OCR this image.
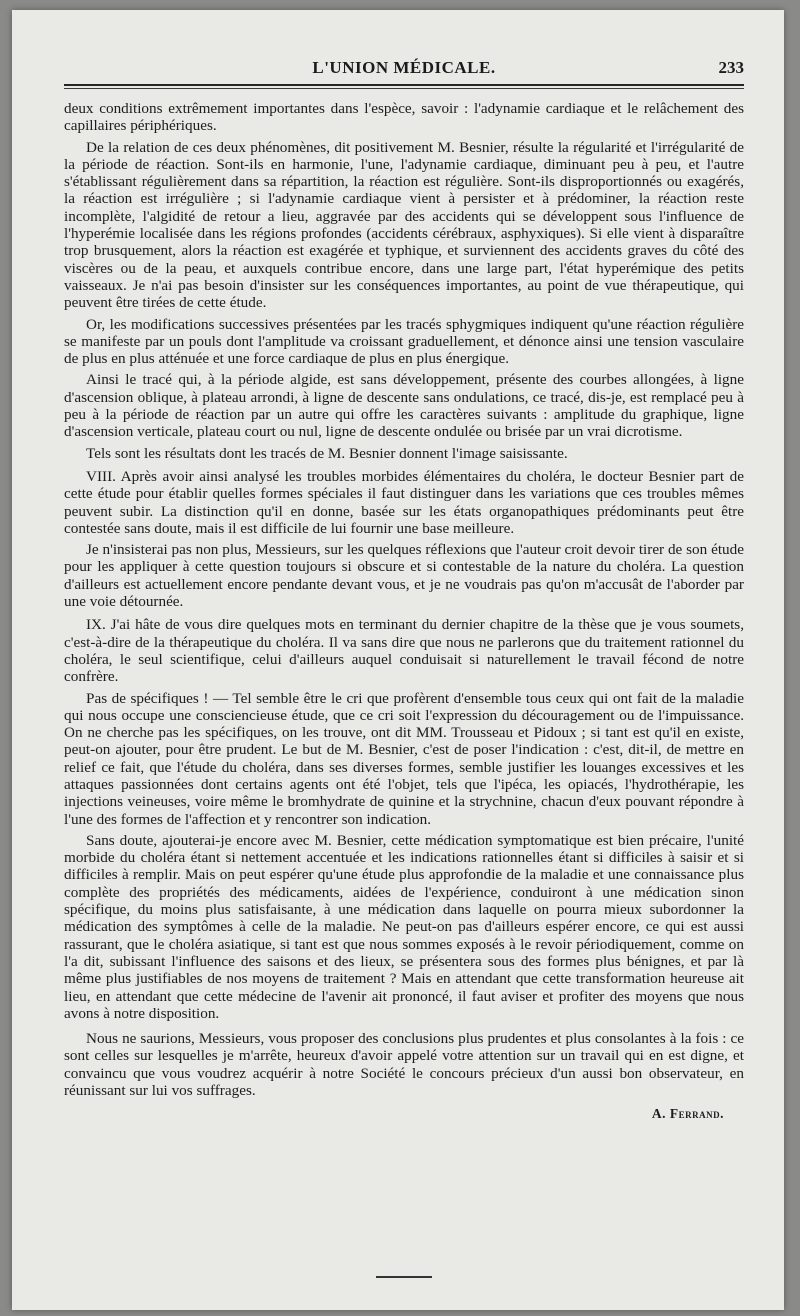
L'UNION MÉDICALE.	233

deux conditions extrêmement importantes dans l'espèce, savoir : l'adynamie cardiaque et le relâchement des capillaires périphériques.

De la relation de ces deux phénomènes, dit positivement M. Besnier, résulte la régularité et l'irrégularité de la période de réaction. Sont-ils en harmonie, l'une, l'adynamie cardiaque, diminuant peu à peu, et l'autre s'établissant régulièrement dans sa répartition, la réaction est régulière. Sont-ils disproportionnés ou exagérés, la réaction est irrégulière ; si l'adynamie cardiaque vient à persister et à prédominer, la réaction reste incomplète, l'algidité de retour a lieu, aggravée par des accidents qui se développent sous l'influence de l'hyperémie localisée dans les régions profondes (accidents cérébraux, asphyxiques). Si elle vient à disparaître trop brusquement, alors la réaction est exagérée et typhique, et surviennent des accidents graves du côté des viscères ou de la peau, et auxquels contribue encore, dans une large part, l'état hyperémique des petits vaisseaux. Je n'ai pas besoin d'insister sur les conséquences importantes, au point de vue thérapeutique, qui peuvent être tirées de cette étude.

Or, les modifications successives présentées par les tracés sphygmiques indiquent qu'une réaction régulière se manifeste par un pouls dont l'amplitude va croissant graduellement, et dénonce ainsi une tension vasculaire de plus en plus atténuée et une force cardiaque de plus en plus énergique.

Ainsi le tracé qui, à la période algide, est sans développement, présente des courbes allongées, à ligne d'ascension oblique, à plateau arrondi, à ligne de descente sans ondulations, ce tracé, dis-je, est remplacé peu à peu à la période de réaction par un autre qui offre les caractères suivants : amplitude du graphique, ligne d'ascension verticale, plateau court ou nul, ligne de descente ondulée ou brisée par un vrai dicrotisme.

Tels sont les résultats dont les tracés de M. Besnier donnent l'image saisissante.

VIII. Après avoir ainsi analysé les troubles morbides élémentaires du choléra, le docteur Besnier part de cette étude pour établir quelles formes spéciales il faut distinguer dans les variations que ces troubles mêmes peuvent subir. La distinction qu'il en donne, basée sur les états organopathiques prédominants peut être contestée sans doute, mais il est difficile de lui fournir une base meilleure.

Je n'insisterai pas non plus, Messieurs, sur les quelques réflexions que l'auteur croit devoir tirer de son étude pour les appliquer à cette question toujours si obscure et si contestable de la nature du choléra. La question d'ailleurs est actuellement encore pendante devant vous, et je ne voudrais pas qu'on m'accusât de l'aborder par une voie détournée.

IX. J'ai hâte de vous dire quelques mots en terminant du dernier chapitre de la thèse que je vous soumets, c'est-à-dire de la thérapeutique du choléra. Il va sans dire que nous ne parlerons que du traitement rationnel du choléra, le seul scientifique, celui d'ailleurs auquel conduisait si naturellement le travail fécond de notre confrère.

Pas de spécifiques ! — Tel semble être le cri que profèrent d'ensemble tous ceux qui ont fait de la maladie qui nous occupe une consciencieuse étude, que ce cri soit l'expression du découragement ou de l'impuissance. On ne cherche pas les spécifiques, on les trouve, ont dit MM. Trousseau et Pidoux ; si tant est qu'il en existe, peut-on ajouter, pour être prudent. Le but de M. Besnier, c'est de poser l'indication : c'est, dit-il, de mettre en relief ce fait, que l'étude du choléra, dans ses diverses formes, semble justifier les louanges excessives et les attaques passionnées dont certains agents ont été l'objet, tels que l'ipéca, les opiacés, l'hydrothérapie, les injections veineuses, voire même le bromhydrate de quinine et la strychnine, chacun d'eux pouvant répondre à l'une des formes de l'affection et y rencontrer son indication.

Sans doute, ajouterai-je encore avec M. Besnier, cette médication symptomatique est bien précaire, l'unité morbide du choléra étant si nettement accentuée et les indications rationnelles étant si difficiles à saisir et si difficiles à remplir. Mais on peut espérer qu'une étude plus approfondie de la maladie et une connaissance plus complète des propriétés des médicaments, aidées de l'expérience, conduiront à une médication sinon spécifique, du moins plus satisfaisante, à une médication dans laquelle on pourra mieux subordonner la médication des symptômes à celle de la maladie. Ne peut-on pas d'ailleurs espérer encore, ce qui est aussi rassurant, que le choléra asiatique, si tant est que nous sommes exposés à le revoir périodiquement, comme on l'a dit, subissant l'influence des saisons et des lieux, se présentera sous des formes plus bénignes, et par là même plus justifiables de nos moyens de traitement ? Mais en attendant que cette transformation heureuse ait lieu, en attendant que cette médecine de l'avenir ait prononcé, il faut aviser et profiter des moyens que nous avons à notre disposition.

Nous ne saurions, Messieurs, vous proposer des conclusions plus prudentes et plus consolantes à la fois : ce sont celles sur lesquelles je m'arrête, heureux d'avoir appelé votre attention sur un travail qui en est digne, et convaincu que vous voudrez acquérir à notre Société le concours précieux d'un aussi bon observateur, en réunissant sur lui vos suffrages.

A. Ferrand.
